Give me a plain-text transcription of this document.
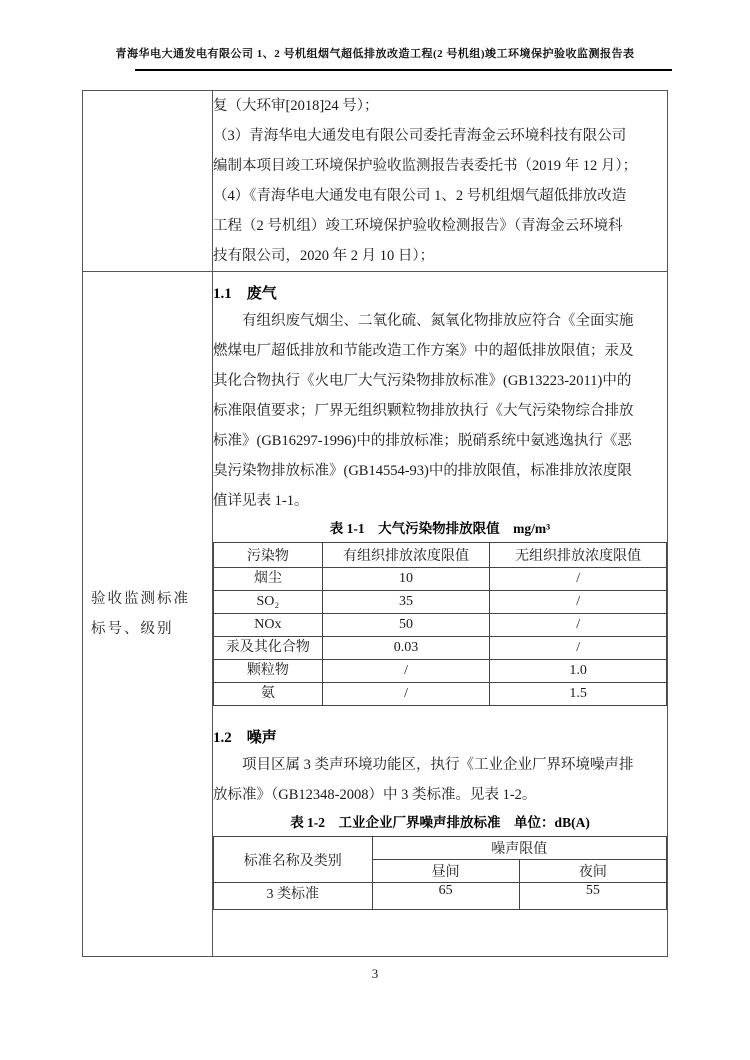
青海华电大通发电有限公司 1、2 号机组烟气超低排放改造工程(2 号机组)竣工环境保护验收监测报告表

复（大环审[2018]24 号）；
（3）青海华电大通发电有限公司委托青海金云环境科技有限公司
编制本项目竣工环境保护验收监测报告表委托书（2019 年 12 月）；
（4）《青海华电大通发电有限公司 1、2 号机组烟气超低排放改造
工程（2 号机组）竣工环境保护验收检测报告》（青海金云环境科
技有限公司，2020 年 2 月 10 日）；

验收监测标准标号、级别

1.1　废气
有组织废气烟尘、二氧化硫、氮氧化物排放应符合《全面实施
燃煤电厂超低排放和节能改造工作方案》中的超低排放限值；汞及
其化合物执行《火电厂大气污染物排放标准》(GB13223-2011)中的
标准限值要求；厂界无组织颗粒物排放执行《大气污染物综合排放
标准》(GB16297-1996)中的排放标准；脱硝系统中氨逃逸执行《恶
臭污染物排放标准》(GB14554-93)中的排放限值，标准排放浓度限
值详见表 1-1。
表 1-1　大气污染物排放限值　mg/m³
污染物	有组织排放浓度限值	无组织排放浓度限值
烟尘	10	/
SO₂	35	/
NOx	50	/
汞及其化合物	0.03	/
颗粒物	/	1.0
氨	/	1.5
1.2　噪声
项目区属 3 类声环境功能区，执行《工业企业厂界环境噪声排
放标准》（GB12348-2008）中 3 类标准。见表 1-2。
表 1-2　工业企业厂界噪声排放标准　单位：dB(A)
标准名称及类别	噪声限值
昼间	夜间
3 类标准	65	55
3
